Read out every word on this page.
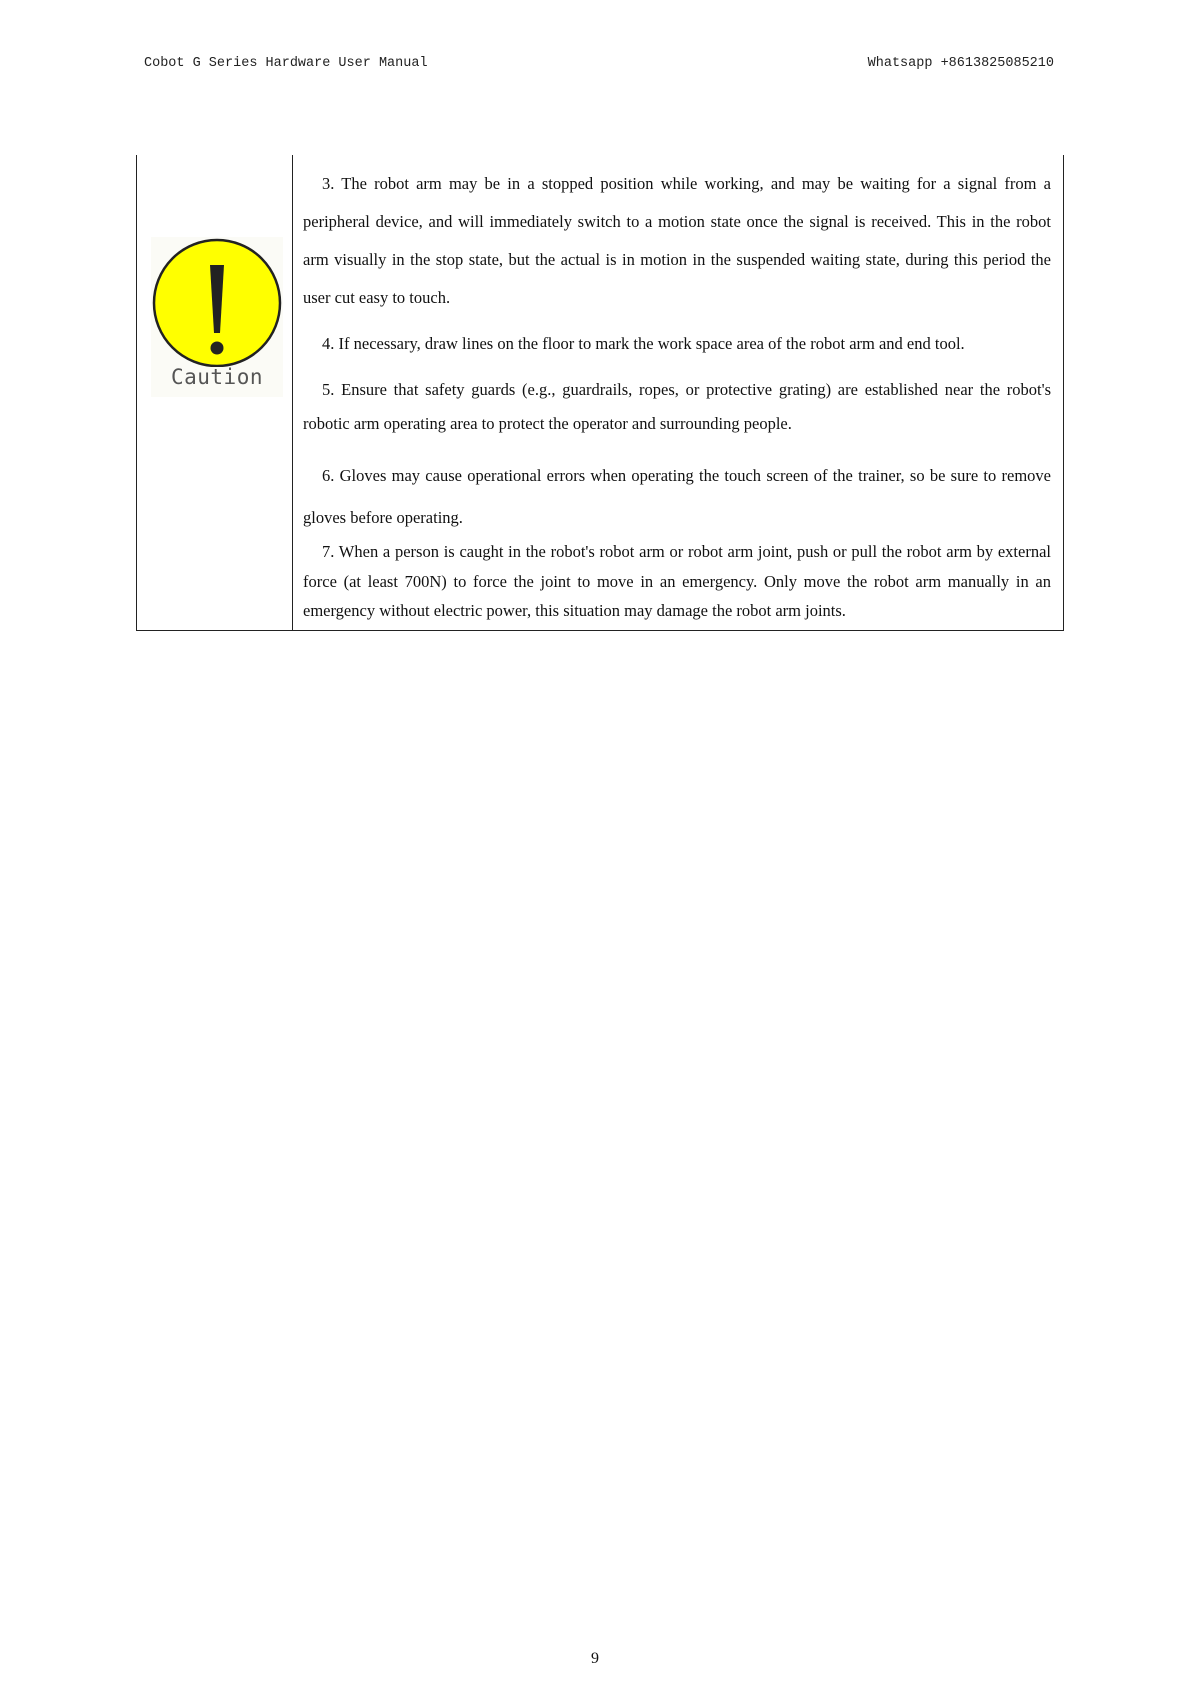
Cobot G Series Hardware User Manual	Whatsapp +8613825085210
Caution

3. The robot arm may be in a stopped position while working, and may be waiting for a signal from a peripheral device, and will immediately switch to a motion state once the signal is received. This in the robot arm visually in the stop state, but the actual is in motion in the suspended waiting state, during this period the user cut easy to touch.

4. If necessary, draw lines on the floor to mark the work space area of the robot arm and end tool.

5. Ensure that safety guards (e.g., guardrails, ropes, or protective grating) are established near the robot's robotic arm operating area to protect the operator and surrounding people.

6. Gloves may cause operational errors when operating the touch screen of the trainer, so be sure to remove gloves before operating.

7. When a person is caught in the robot's robot arm or robot arm joint, push or pull the robot arm by external force (at least 700N) to force the joint to move in an emergency. Only move the robot arm manually in an emergency without electric power, this situation may damage the robot arm joints.

9
